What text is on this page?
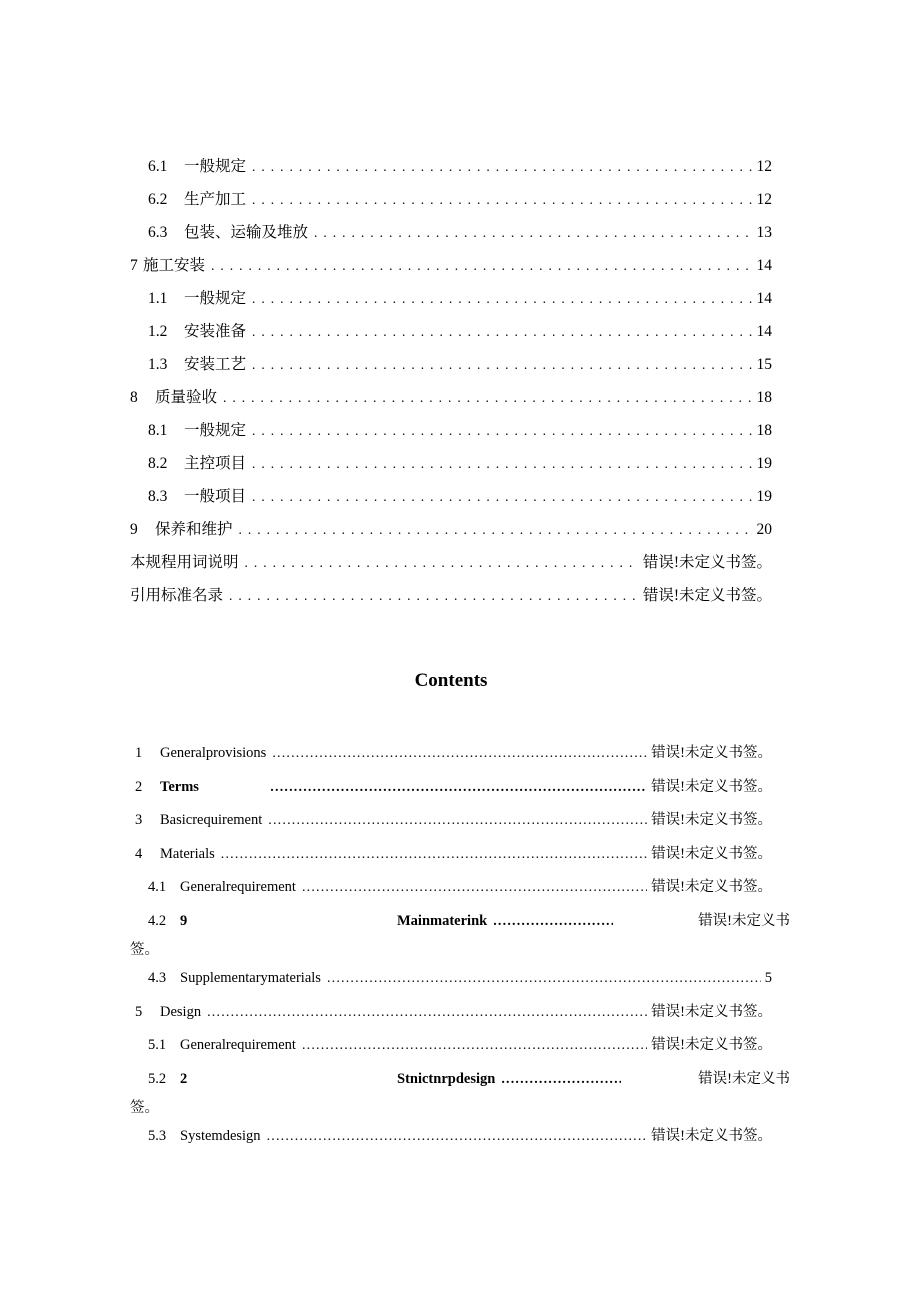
6.1	一般规定 .....	12
6.2	生产加工 .....	12
6.3	包装、运输及堆放 .....	13
7 施工安装 .....	14
1.1	一般规定 .....	14
1.2	安装准备 .....	14
1.3	安装工艺 .....	15
8	质量验收 .....	18
8.1	一般规定 .....	18
8.2	主控项目 .....	19
8.3	一般项目 .....	19
9	保养和维护 .....	20
本规程用词说明 .....	错误!未定义书签。
引用标准名录 .....	错误!未定义书签。
Contents
1	Generalprovisions .....	错误!未定义书签。
2	Terms .....	错误!未定义书签。
3	Basicrequirement .....	错误!未定义书签。
4	Materials .....	错误!未定义书签。
4.1 Generalrequirement .....	错误!未定义书签。
4.2 9	Mainmaterink .....	错误!未定义书
签。
4.3 Supplementarymaterials .....	5
5	Design .....	错误!未定义书签。
5.1 Generalrequirement .....	错误!未定义书签。
5.2 2	Stnictnrpdesign .....	错误!未定义书
签。
5.3 Systemdesign .....	错误!未定义书签。
